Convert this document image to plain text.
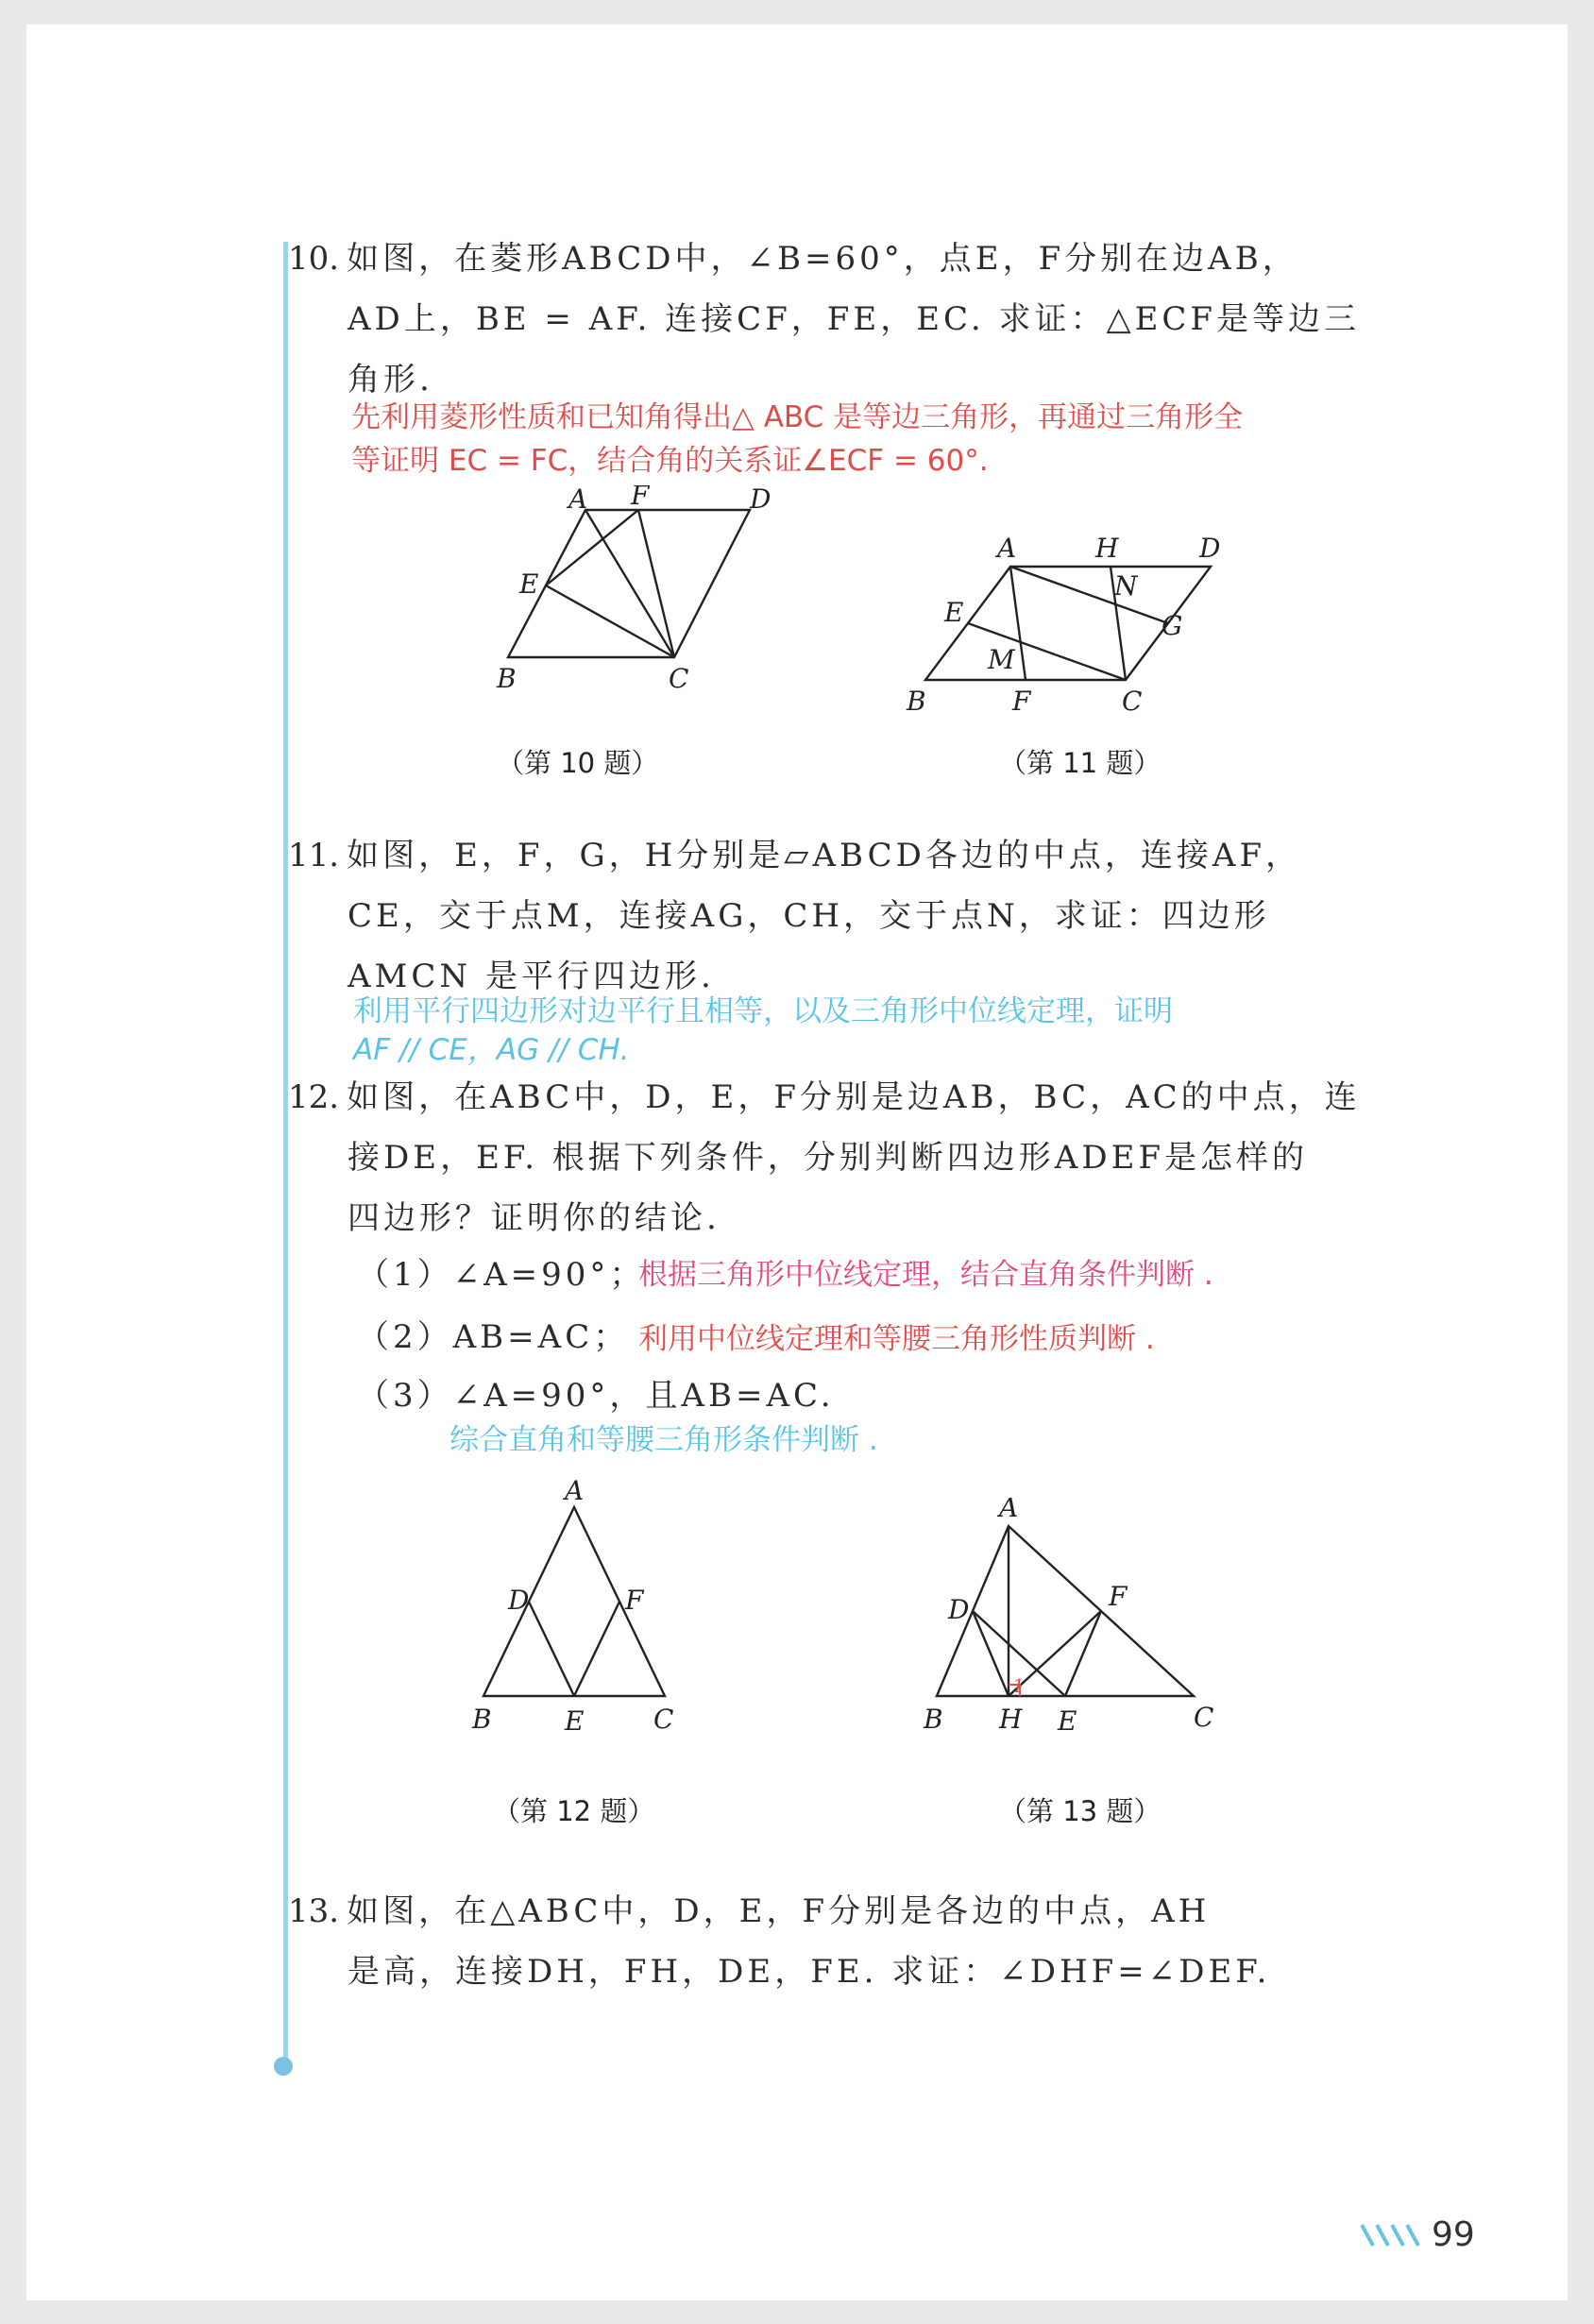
10. 如图，在菱形ABCD中，∠B=60°，点E，F分别在边AB，

AD上，BE = AF. 连接CF，FE，EC. 求证：△ECF是等边三

角形.

先利用菱形性质和已知角得出△ ABC 是等边三角形，再通过三角形全

等证明 EC = FC，结合角的关系证∠ECF = 60°.

A F	D
E
B	C
（第 10 题）
A	H	D
N
E	G
M
B	F	C
（第 11 题）

11. 如图，E，F，G，H分别是▱ABCD各边的中点，连接AF，

CE，交于点M，连接AG，CH，交于点N，求证：四边形

AMCN 是平行四边形.

利用平行四边形对边平行且相等，以及三角形中位线定理，证明

AF // CE，AG // CH.

12. 如图，在ABC中，D，E，F分别是边AB，BC，AC的中点，连

接DE，EF. 根据下列条件，分别判断四边形ADEF是怎样的

四边形？证明你的结论.

（1）∠A=90°；

根据三角形中位线定理，结合直角条件判断 .

（2）AB=AC； 利用中位线定理和等腰三角形性质判断 .

（3）∠A=90°，且AB=AC.

综合直角和等腰三角形条件判断 .

A
D	F
B	E	C
（第 12 题）
1
A
D	F
B H E	C
（第 13 题）

13. 如图，在△ABC中，D，E，F分别是各边的中点，AH

是高，连接DH，FH，DE，FE. 求证：∠DHF=∠DEF.

99
